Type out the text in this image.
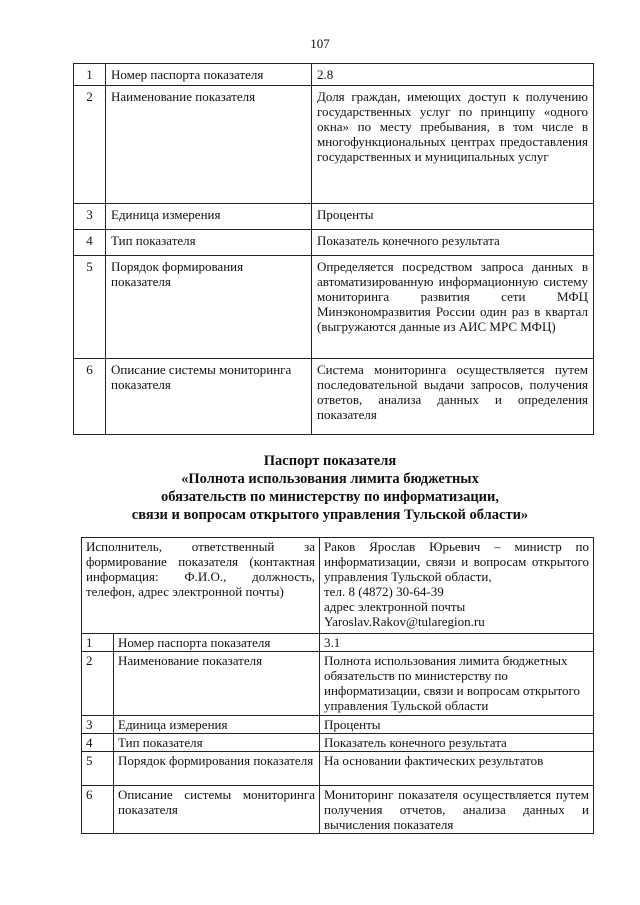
107
1	Номер паспорта показателя	2.8
2	Наименование показателя	Доля граждан, имеющих доступ к получению государственных услуг по принципу «одного окна» по месту пребывания, в том числе в многофункциональных центрах предоставления государственных и муниципальных услуг
3	Единица измерения	Проценты
4	Тип показателя	Показатель конечного результата
5	Порядок формирования показателя	Определяется посредством запроса данных в автоматизированную информационную систему мониторинга развития сети МФЦ Минэкономразвития России один раз в квартал (выгружаются данные из АИС МРС МФЦ)
6	Описание системы мониторинга показателя	Система мониторинга осуществляется путем последовательной выдачи запросов, получения ответов, анализа данных и определения показателя
Паспорт показателя
«Полнота использования лимита бюджетных
обязательств по министерству по информатизации,
связи и вопросам открытого управления Тульской области»
Исполнитель, ответственный за формирование показателя (контактная информация: Ф.И.О., должность, телефон, адрес электронной почты)		Раков Ярослав Юрьевич – министр по информатизации, связи и вопросам открытого управления Тульской области,
тел. 8 (4872) 30-64-39
адрес электронной почты
Yaroslav.Rakov@tularegion.ru

1	Номер паспорта показателя	3.1
2	Наименование показателя	Полнота использования лимита бюджетных обязательств по министерству по информатизации, связи и вопросам открытого управления Тульской области
3	Единица измерения	Проценты
4	Тип показателя	Показатель конечного результата
5	Порядок формирования показателя	На основании фактических результатов
6	Описание системы мониторинга показателя	Мониторинг показателя осуществляется путем получения отчетов, анализа данных и вычисления показателя
